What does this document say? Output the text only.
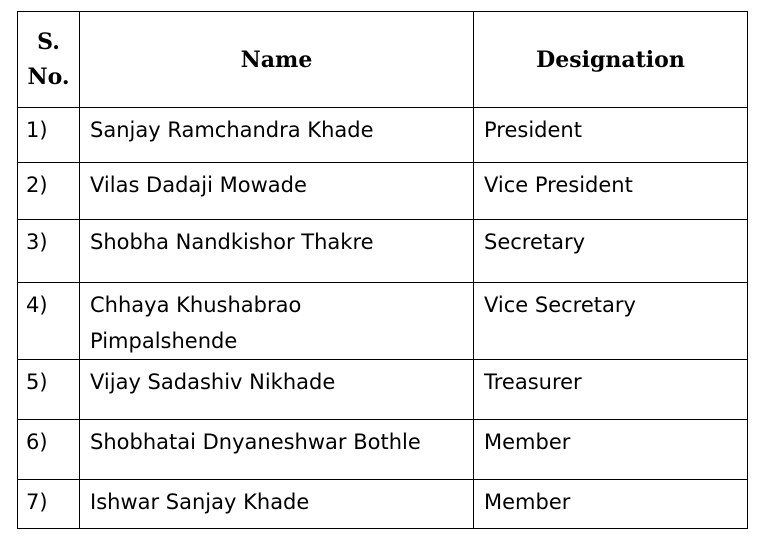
S.
No.	Name	Designation

1)	Sanjay Ramchandra Khade	President

2)	Vilas Dadaji Mowade	Vice President

3)	Shobha Nandkishor Thakre	Secretary

4)	Chhaya Khushabrao
Pimpalshende	Vice Secretary

5)	Vijay Sadashiv Nikhade	Treasurer

6)	Shobhatai Dnyaneshwar Bothle	Member

7)	Ishwar Sanjay Khade	Member
